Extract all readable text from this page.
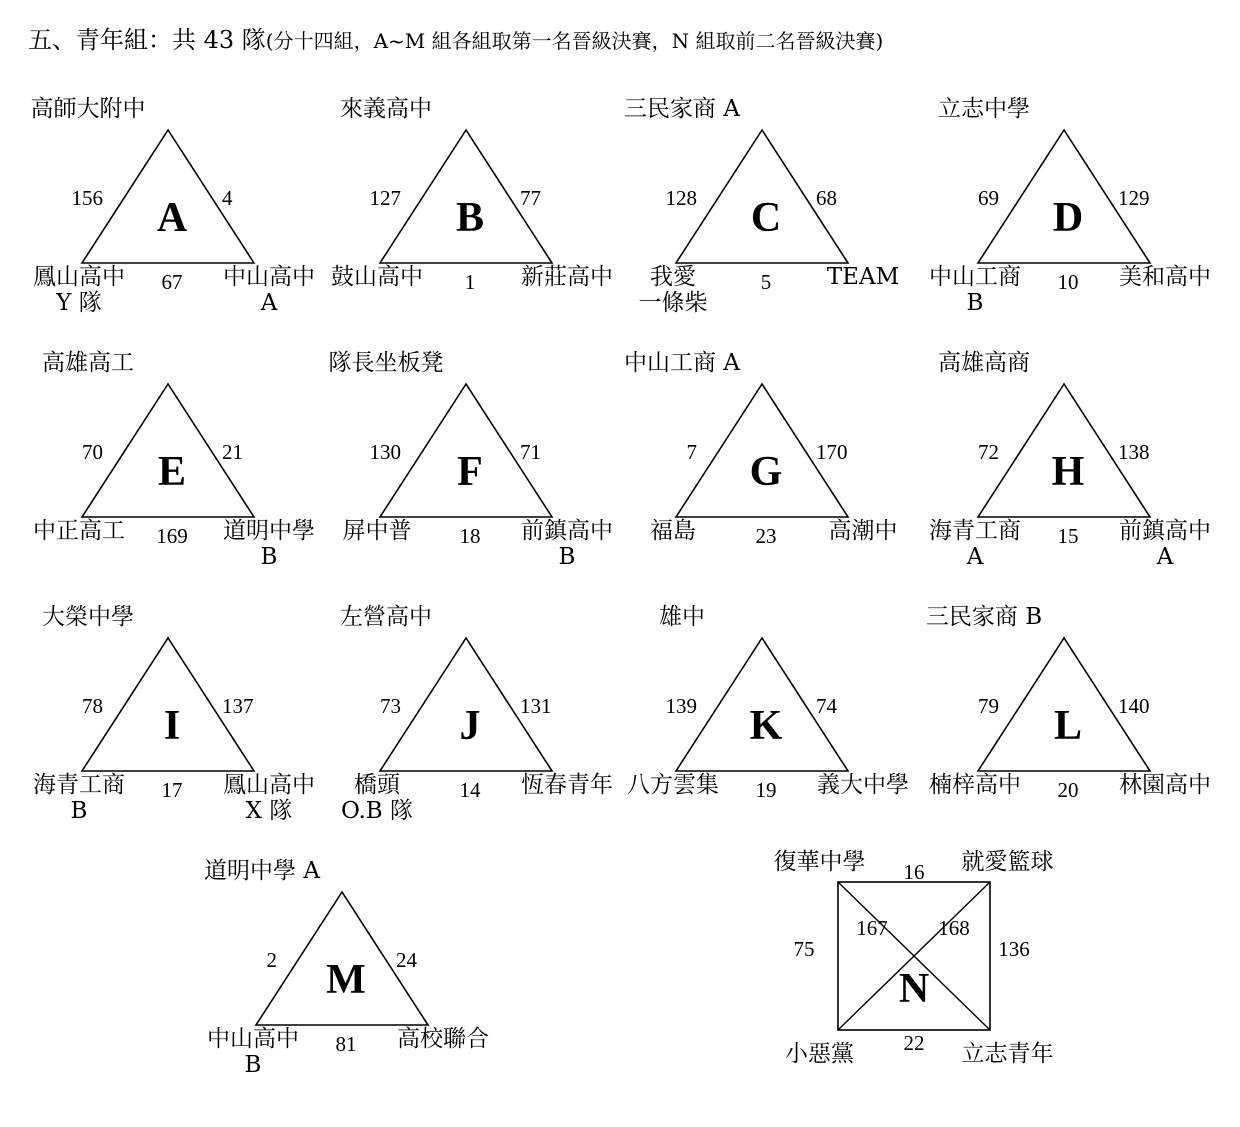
五、青年組：共 43 隊(分十四組，A~M 組各組取第一名晉級決賽，N 組取前二名晉級決賽)
高師大附中
156	4
A
67
鳳山高中
Y 隊
中山高中
A
來義高中
127	77
B
1
鼓山高中	新莊高中
三民家商 A
128	68
C
5
我愛
一條柴
TEAM
立志中學
69	129
D
10
中山工商
B
美和高中
高雄高工
70	21
E
169
中正高工	道明中學
B
隊長坐板凳
130	71
F
18
屏中普	前鎮高中
B
中山工商 A
7	170
G
23
福島	高潮中
高雄高商
72	138
H
15
海青工商
A
前鎮高中
A
大榮中學
78	137
I
17
海青工商
B
鳳山高中
X 隊
左營高中
73	131
J
14
橋頭
O.B 隊
恆春青年
雄中
139	74
K
19
八方雲集	義大中學
三民家商 B
79	140
L
20
楠梓高中	林園高中
道明中學 A
2	24
M
81
中山高中
B
高校聯合
復華中學	就愛籃球
16
167 168
75	136
N
22
小惡黨	立志青年
